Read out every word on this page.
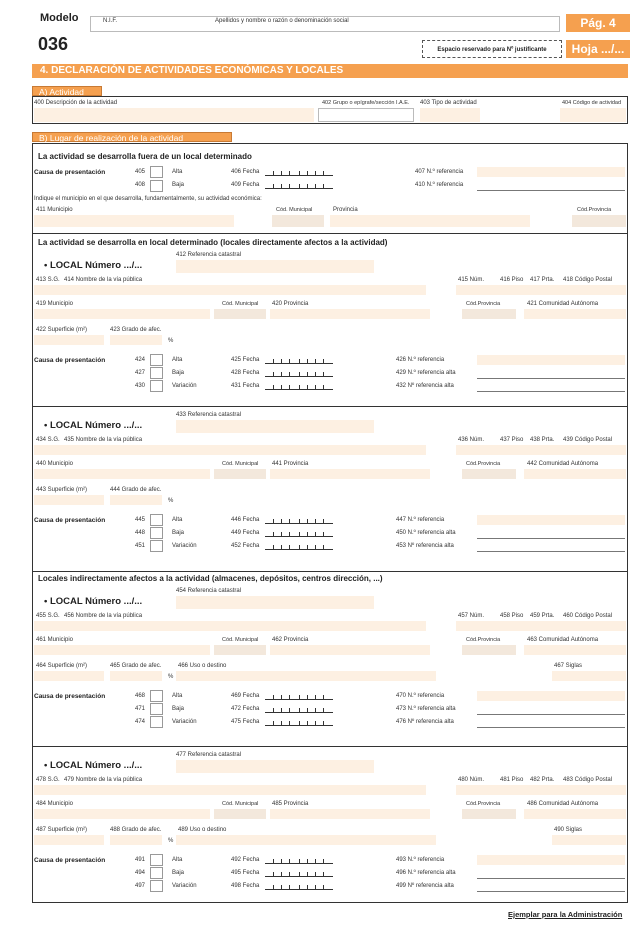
Modelo
036
N.I.F.	Apellidos y nombre o razón o denominación social	Pág. 4
Hoja .../...
Espacio reservado para Nº justificante
4. DECLARACIÓN DE ACTIVIDADES ECONÓMICAS Y LOCALES
A) Actividad
400 Descripción de la actividad	402 Grupo o epígrafe/sección I.A.E. 403 Tipo de actividad	404 Código de actividad
B) Lugar de realización de la actividad
La actividad se desarrolla fuera de un local determinado
Causa de presentación	405	Alta	406 Fecha	407 N.º referencia
408	Baja	409 Fecha	410 N.º referencia
Indique el municipio en el que desarrolla, fundamentalmente, su actividad económica:
411 Municipio	Cód. Municipal	Provincia	Cód.Provincia
La actividad se desarrolla en local determinado (locales directamente afectos a la actividad)
Locales indirectamente afectos a la actividad (almacenes, depósitos, centros dirección, ...)
Ejemplar para la Administración
412 Referencia catastral
• LOCAL Número .../...
413 S.G. 414 Nombre de la vía pública	415 Núm.	416 Piso 417 Prta. 418 Código Postal
419 Municipio	Cód. Municipal 420 Provincia	Cód.Provincia	421 Comunidad Autónoma
422 Superficie (m²)	423 Grado de afec.
%
Causa de presentación	424	Alta	425 Fecha	426 N.º referencia
427	Baja	428 Fecha	429 N.º referencia alta
430	Variación	431 Fecha	432 Nº referencia alta
433 Referencia catastral
• LOCAL Número .../...
434 S.G. 435 Nombre de la vía pública	436 Núm.	437 Piso 438 Prta. 439 Código Postal
440 Municipio	Cód. Municipal 441 Provincia	Cód.Provincia	442 Comunidad Autónoma
443 Superficie (m²)	444 Grado de afec.
%
Causa de presentación	445	Alta	446 Fecha	447 N.º referencia
448	Baja	449 Fecha	450 N.º referencia alta
451	Variación	452 Fecha	453 Nº referencia alta
454 Referencia catastral
• LOCAL Número .../...
455 S.G. 456 Nombre de la vía pública	457 Núm.	458 Piso 459 Prta. 460 Código Postal
461 Municipio	Cód. Municipal 462 Provincia	Cód.Provincia	463 Comunidad Autónoma
464 Superficie (m²)	465 Grado de afec.
%
466 Uso o destino	467 Siglas
Causa de presentación	468	Alta	469 Fecha	470 N.º referencia
471	Baja	472 Fecha	473 N.º referencia alta
474	Variación	475 Fecha	476 Nº referencia alta
477 Referencia catastral
• LOCAL Número .../...
478 S.G. 479 Nombre de la vía pública	480 Núm.	481 Piso 482 Prta. 483 Código Postal
484 Municipio	Cód. Municipal 485 Provincia	Cód.Provincia	486 Comunidad Autónoma
487 Superficie (m²)	488 Grado de afec.
%
489 Uso o destino	490 Siglas
Causa de presentación	491	Alta	492 Fecha	493 N.º referencia
494	Baja	495 Fecha	496 N.º referencia alta
497	Variación	498 Fecha	499 Nº referencia alta
